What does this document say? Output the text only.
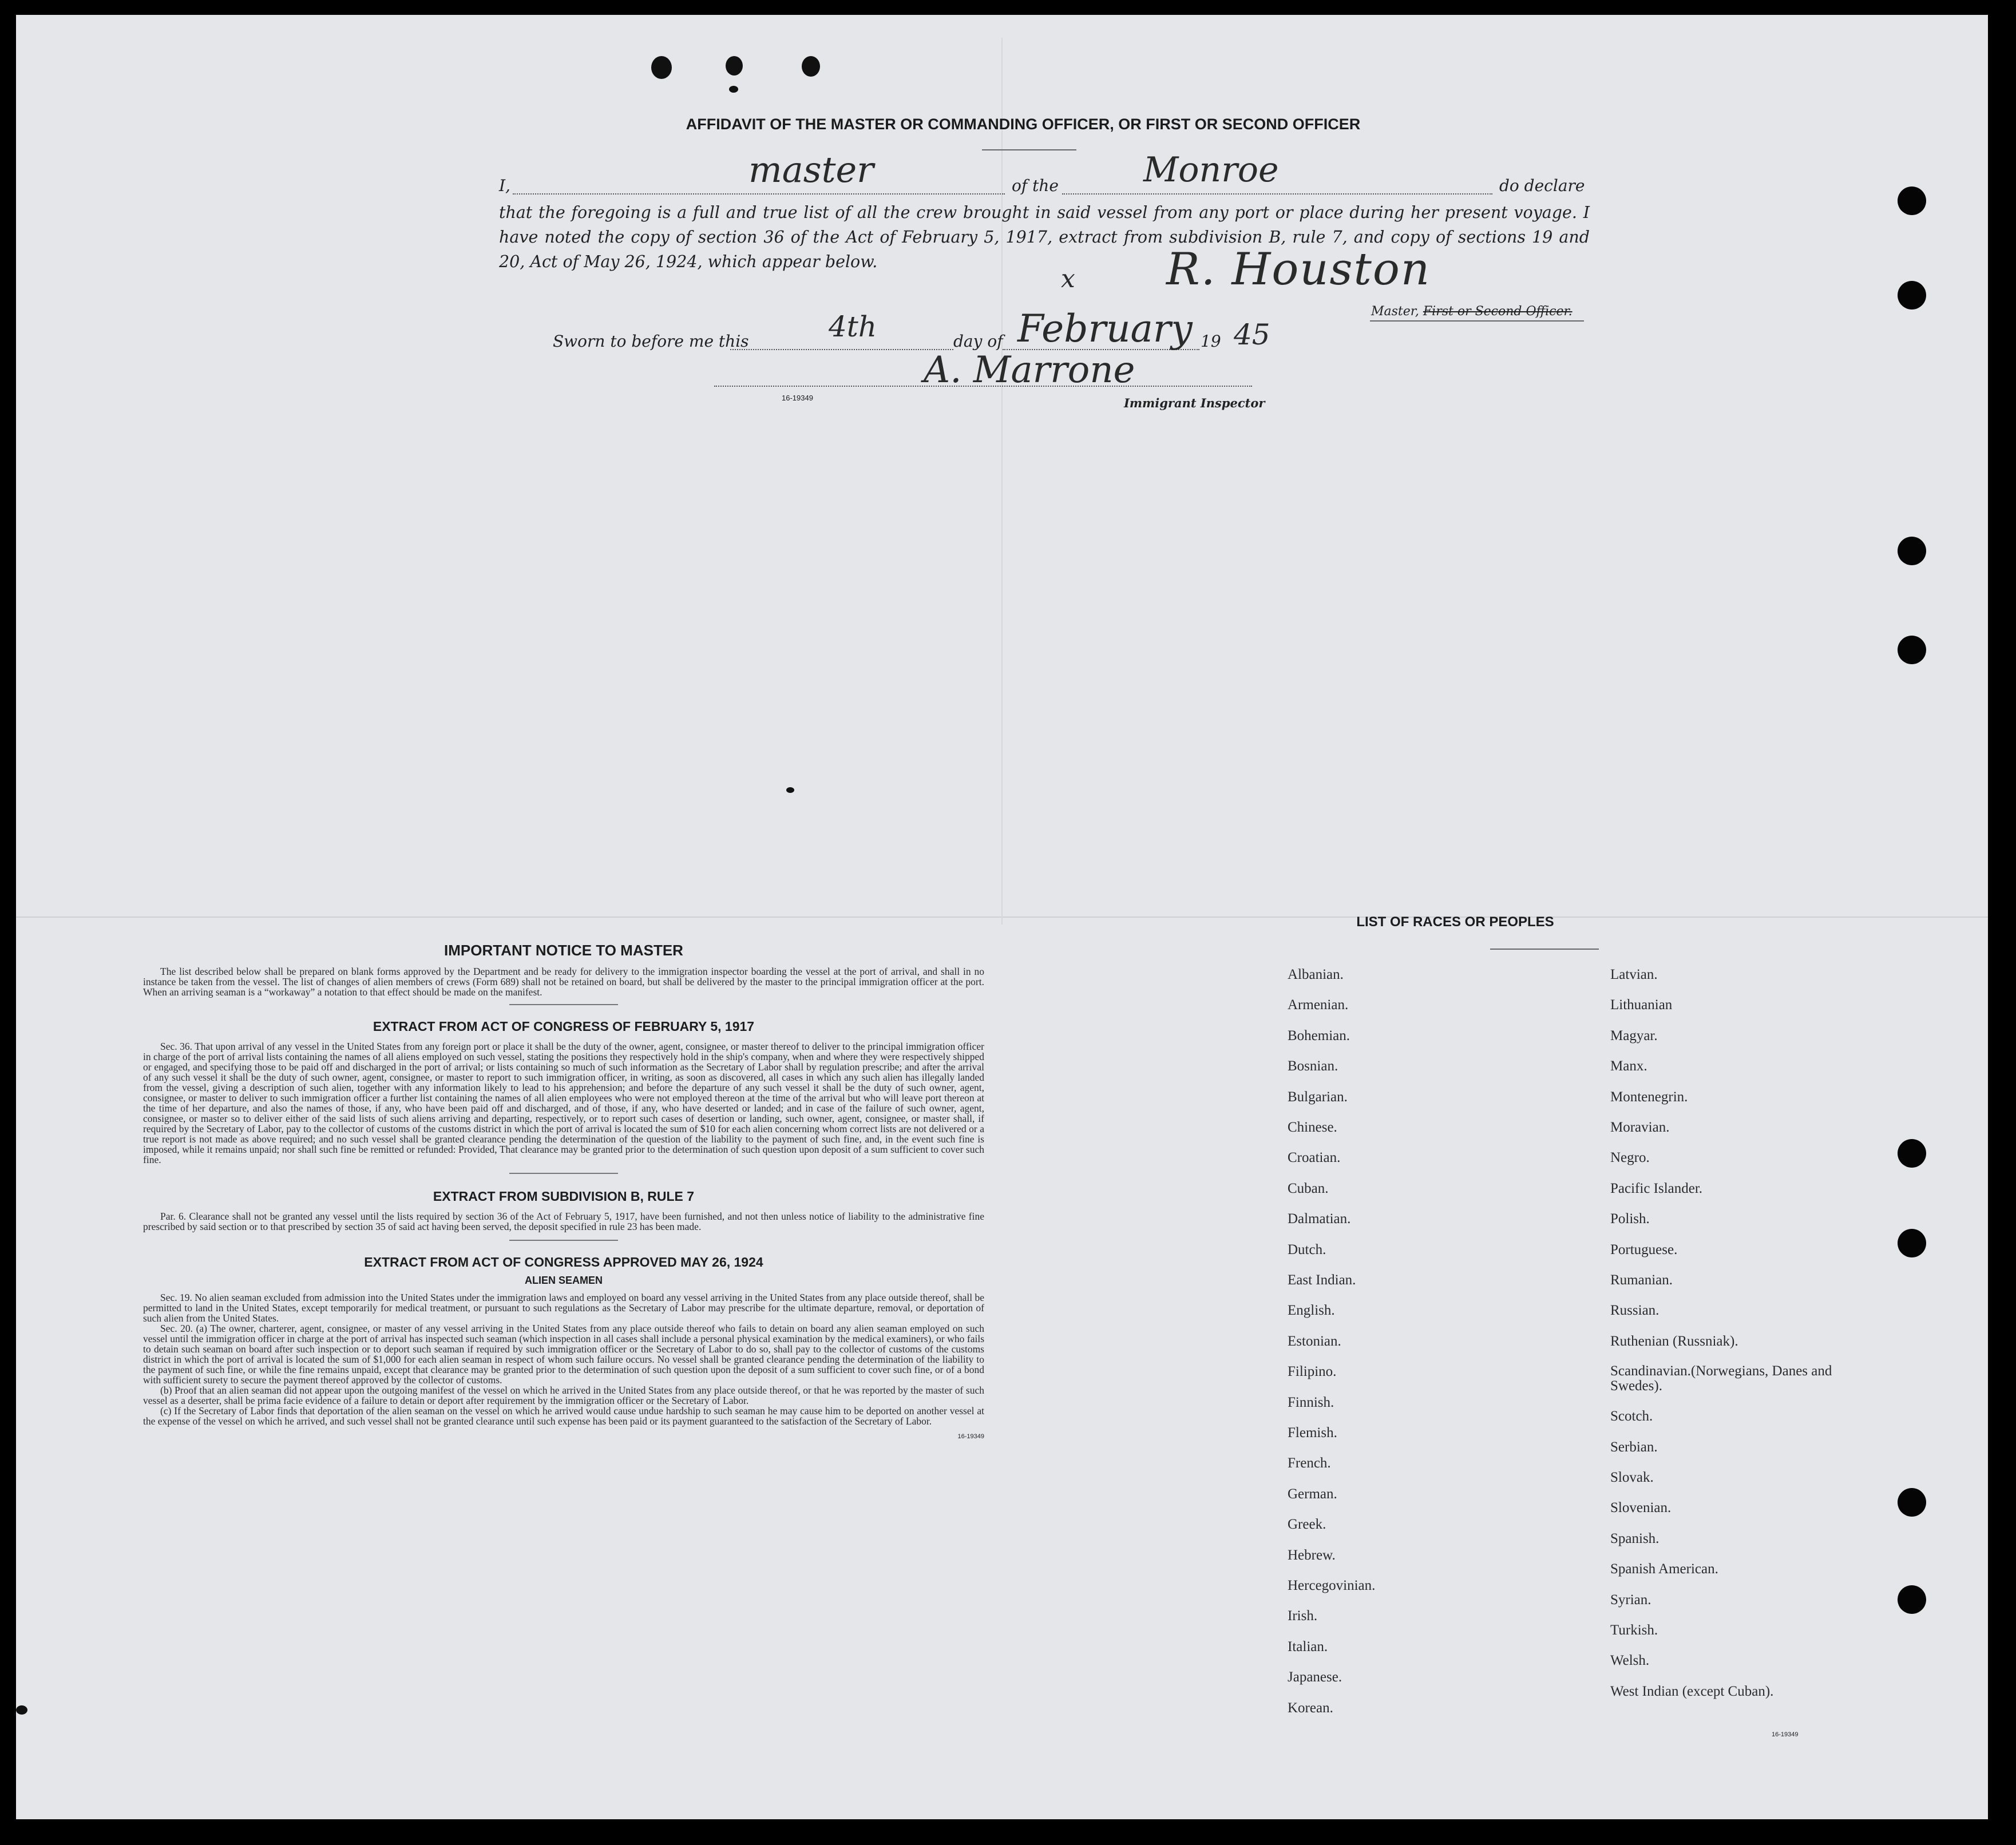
AFFIDAVIT OF THE MASTER OR COMMANDING OFFICER, OR FIRST OR SECOND OFFICER
I,	master	of the Monroe	do declare
that the foregoing is a full and true list of all the crew brought in said vessel from any port or place during her present voyage. I have noted the copy of section 36 of the Act of February 5, 1917, extract from subdivision B, rule 7, and copy of sections 19 and 20, Act of May 26, 1924, which appear below.
x R. Houston
Master, First or Second Officer.
Sworn to before me this	4th	day of February 19 45
A. Marrone
16-19349	Immigrant Inspector
IMPORTANT NOTICE TO MASTER

The list described below shall be prepared on blank forms approved by the Department and be ready for delivery to the immigration inspector boarding the vessel at the port of arrival, and shall in no instance be taken from the vessel. The list of changes of alien members of crews (Form 689) shall not be retained on board, but shall be delivered by the master to the principal immigration officer at the port. When an arriving seaman is a “workaway” a notation to that effect should be made on the manifest.

EXTRACT FROM ACT OF CONGRESS OF FEBRUARY 5, 1917

Sec. 36. That upon arrival of any vessel in the United States from any foreign port or place it shall be the duty of the owner, agent, consignee, or master thereof to deliver to the principal immigration officer in charge of the port of arrival lists containing the names of all aliens employed on such vessel, stating the positions they respectively hold in the ship's company, when and where they were respectively shipped or engaged, and specifying those to be paid off and discharged in the port of arrival; or lists containing so much of such information as the Secretary of Labor shall by regulation prescribe; and after the arrival of any such vessel it shall be the duty of such owner, agent, consignee, or master to report to such immigration officer, in writing, as soon as discovered, all cases in which any such alien has illegally landed from the vessel, giving a description of such alien, together with any information likely to lead to his apprehension; and before the departure of any such vessel it shall be the duty of such owner, agent, consignee, or master to deliver to such immigration officer a further list containing the names of all alien employees who were not employed thereon at the time of the arrival but who will leave port thereon at the time of her departure, and also the names of those, if any, who have been paid off and discharged, and of those, if any, who have deserted or landed; and in case of the failure of such owner, agent, consignee, or master so to deliver either of the said lists of such aliens arriving and departing, respectively, or to report such cases of desertion or landing, such owner, agent, consignee, or master shall, if required by the Secretary of Labor, pay to the collector of customs of the customs district in which the port of arrival is located the sum of $10 for each alien concerning whom correct lists are not delivered or a true report is not made as above required; and no such vessel shall be granted clearance pending the determination of the question of the liability to the payment of such fine, and, in the event such fine is imposed, while it remains unpaid; nor shall such fine be remitted or refunded: Provided, That clearance may be granted prior to the determination of such question upon deposit of a sum sufficient to cover such fine.

EXTRACT FROM SUBDIVISION B, RULE 7

Par. 6. Clearance shall not be granted any vessel until the lists required by section 36 of the Act of February 5, 1917, have been furnished, and not then unless notice of liability to the administrative fine prescribed by said section or to that prescribed by section 35 of said act having been served, the deposit specified in rule 23 has been made.

EXTRACT FROM ACT OF CONGRESS APPROVED MAY 26, 1924
ALIEN SEAMEN

Sec. 19. No alien seaman excluded from admission into the United States under the immigration laws and employed on board any vessel arriving in the United States from any place outside thereof, shall be permitted to land in the United States, except temporarily for medical treatment, or pursuant to such regulations as the Secretary of Labor may prescribe for the ultimate departure, removal, or deportation of such alien from the United States.

Sec. 20. (a) The owner, charterer, agent, consignee, or master of any vessel arriving in the United States from any place outside thereof who fails to detain on board any alien seaman employed on such vessel until the immigration officer in charge at the port of arrival has inspected such seaman (which inspection in all cases shall include a personal physical examination by the medical examiners), or who fails to detain such seaman on board after such inspection or to deport such seaman if required by such immigration officer or the Secretary of Labor to do so, shall pay to the collector of customs of the customs district in which the port of arrival is located the sum of $1,000 for each alien seaman in respect of whom such failure occurs. No vessel shall be granted clearance pending the determination of the liability to the payment of such fine, or while the fine remains unpaid, except that clearance may be granted prior to the determination of such question upon the deposit of a sum sufficient to cover such fine, or of a bond with sufficient surety to secure the payment thereof approved by the collector of customs.

(b) Proof that an alien seaman did not appear upon the outgoing manifest of the vessel on which he arrived in the United States from any place outside thereof, or that he was reported by the master of such vessel as a deserter, shall be prima facie evidence of a failure to detain or deport after requirement by the immigration officer or the Secretary of Labor.

(c) If the Secretary of Labor finds that deportation of the alien seaman on the vessel on which he arrived would cause undue hardship to such seaman he may cause him to be deported on another vessel at the expense of the vessel on which he arrived, and such vessel shall not be granted clearance until such expense has been paid or its payment guaranteed to the satisfaction of the Secretary of Labor.

16-19349
LIST OF RACES OR PEOPLES
Albanian.
Armenian.
Bohemian.
Bosnian.
Bulgarian.
Chinese.
Croatian.
Cuban.
Dalmatian.
Dutch.
East Indian.
English.
Estonian.
Filipino.
Finnish.
Flemish.
French.
German.
Greek.
Hebrew.
Hercegovinian.
Irish.
Italian.
Japanese.
Korean.
Latvian.
Lithuanian
Magyar.
Manx.
Montenegrin.
Moravian.
Negro.
Pacific Islander.
Polish.
Portuguese.
Rumanian.
Russian.
Ruthenian (Russniak).
Scandinavian.(Norwegians, Danes and Swedes).
Scotch.
Serbian.
Slovak.
Slovenian.
Spanish.
Spanish American.
Syrian.
Turkish.
Welsh.
West Indian (except Cuban).
16-19349
